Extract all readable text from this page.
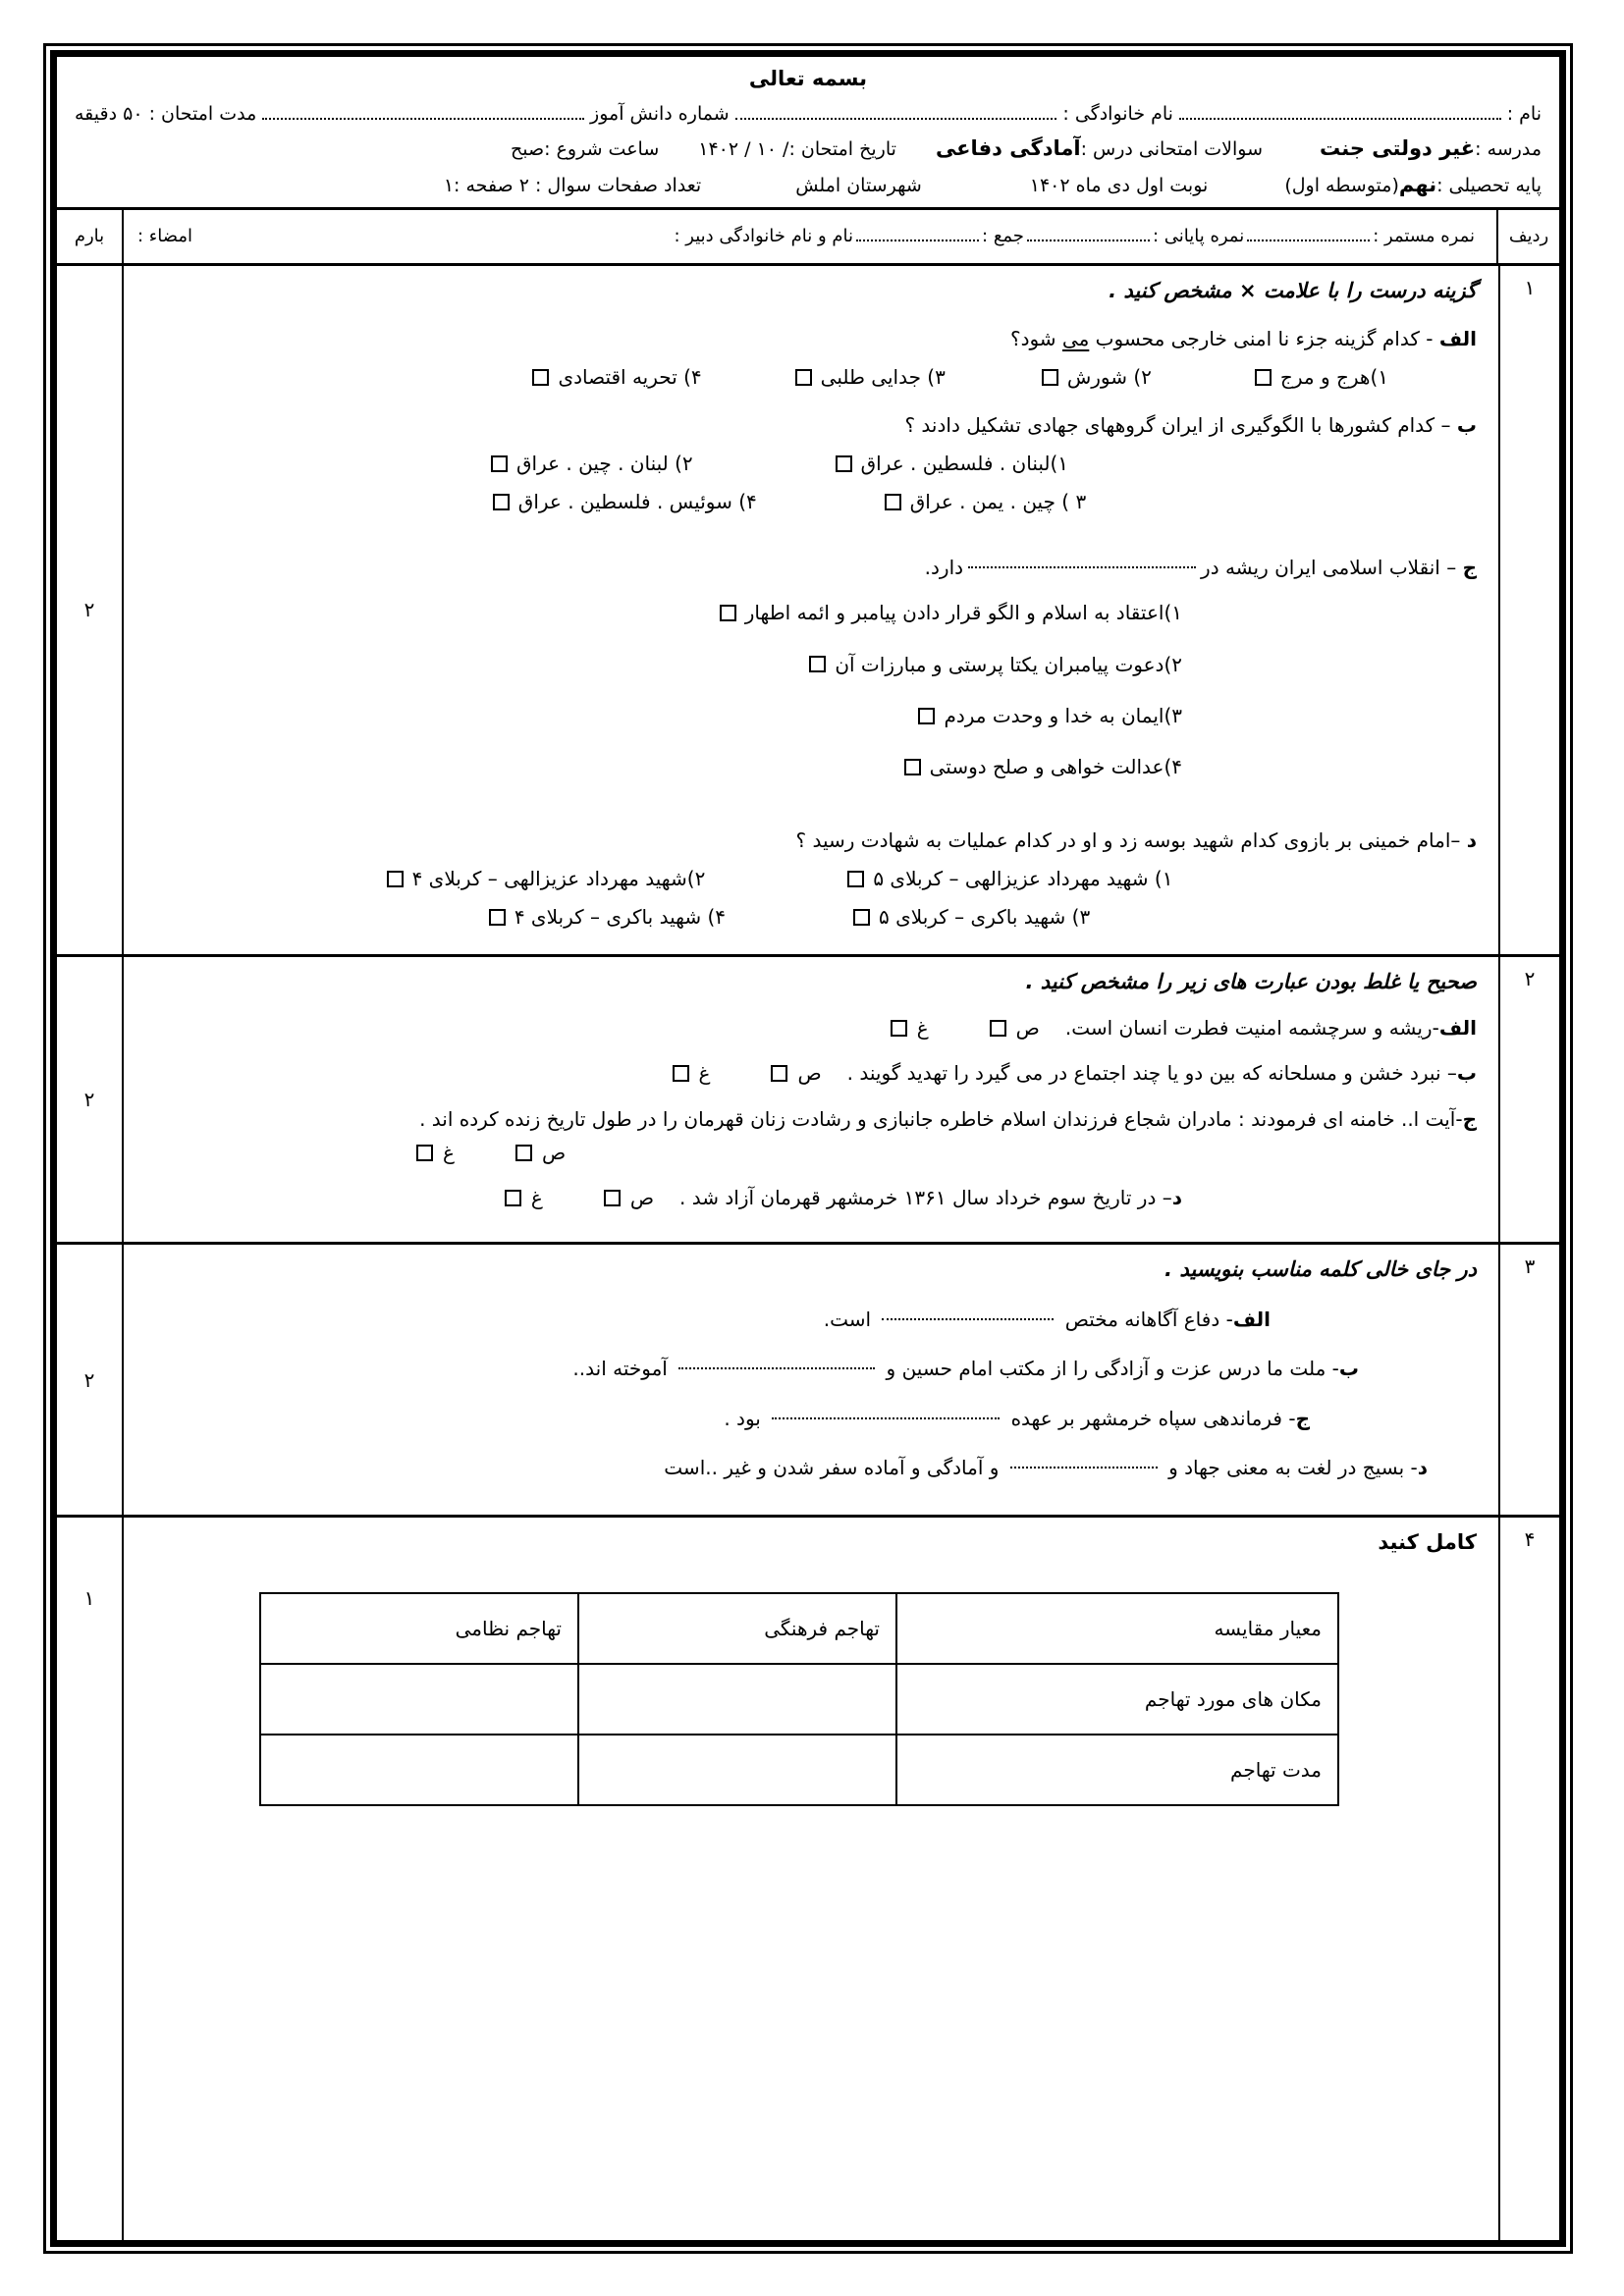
بسمه تعالی
نام :
نام خانوادگی :
شماره دانش آموز
مدت امتحان : ۵۰ دقیقه
مدرسه :
غیر دولتی جنت
سوالات امتحانی درس :
آمادگی دفاعی
تاریخ امتحان :
/ ۱۰ / ۱۴۰۲
ساعت شروع :
صبح
پایه تحصیلی :
نهم
(متوسطه اول)
نوبت اول دی ماه ۱۴۰۲
شهرستان املش
تعداد صفحات سوال : ۲ صفحه :۱
ردیف
نمره مستمر :
نمره پایانی :
جمع :
نام و نام خانوادگی دبیر :
امضاء :
بارم
۱
گزینه درست را با علامت × مشخص کنید .
الف - کدام گزینه جزء نا امنی خارجی محسوب می شود؟
۱)هرج و مرج
۲) شورش
۳) جدایی طلبی
۴) تحریه اقتصادی
ب – کدام کشورها با الگوگیری از ایران گروههای جهادی تشکیل دادند ؟
۱)لبنان . فلسطین . عراق
۲) لبنان . چین . عراق
۳ ) چین . یمن . عراق
۴) سوئیس . فلسطین . عراق
ج – انقلاب اسلامی ایران ریشه دردارد.
۱)اعتقاد به اسلام و الگو قرار دادن پیامبر و ائمه اطهار
۲)دعوت پیامبران یکتا پرستی و مبارزات آن
۳)ایمان به خدا و وحدت مردم
۴)عدالت خواهی و صلح دوستی
د –امام خمینی بر بازوی کدام شهید بوسه زد و او در کدام عملیات به شهادت رسید ؟
۱) شهید مهرداد عزیزالهی – کربلای ۵
۲)شهید مهرداد عزیزالهی – کربلای ۴
۳) شهید باکری – کربلای ۵
۴) شهید باکری – کربلای ۴
۲
۲
صحیح یا غلط بودن عبارت های زیر را مشخص کنید .
الف-ریشه و سرچشمه امنیت فطرت انسان است.
ص
غ
ب– نبرد خشن و مسلحانه که بین دو یا چند اجتماع در می گیرد را تهدید گویند .
ص
غ
ج-آیت ا.. خامنه ای فرمودند : مادران شجاع فرزندان اسلام خاطره جانبازی و رشادت زنان قهرمان را در طول تاریخ زنده کرده اند .
ص
غ
د– در تاریخ سوم خرداد سال ۱۳۶۱ خرمشهر قهرمان آزاد شد .
ص
غ
۲
۳
در جای خالی کلمه مناسب بنویسید .
الف- دفاع آگاهانه مختص  است.
ب- ملت ما درس عزت و آزادگی را از مکتب امام حسین و  آموخته اند..
ج- فرماندهی سپاه خرمشهر بر عهده  بود .
د- بسیج در لغت به معنی جهاد و  و آمادگی و آماده سفر شدن و غیر ..است
۲
۴
کامل کنید
معیار مقایسه	تهاجم فرهنگی	تهاجم نظامی
مکان های مورد تهاجم		
مدت تهاجم		
۱
